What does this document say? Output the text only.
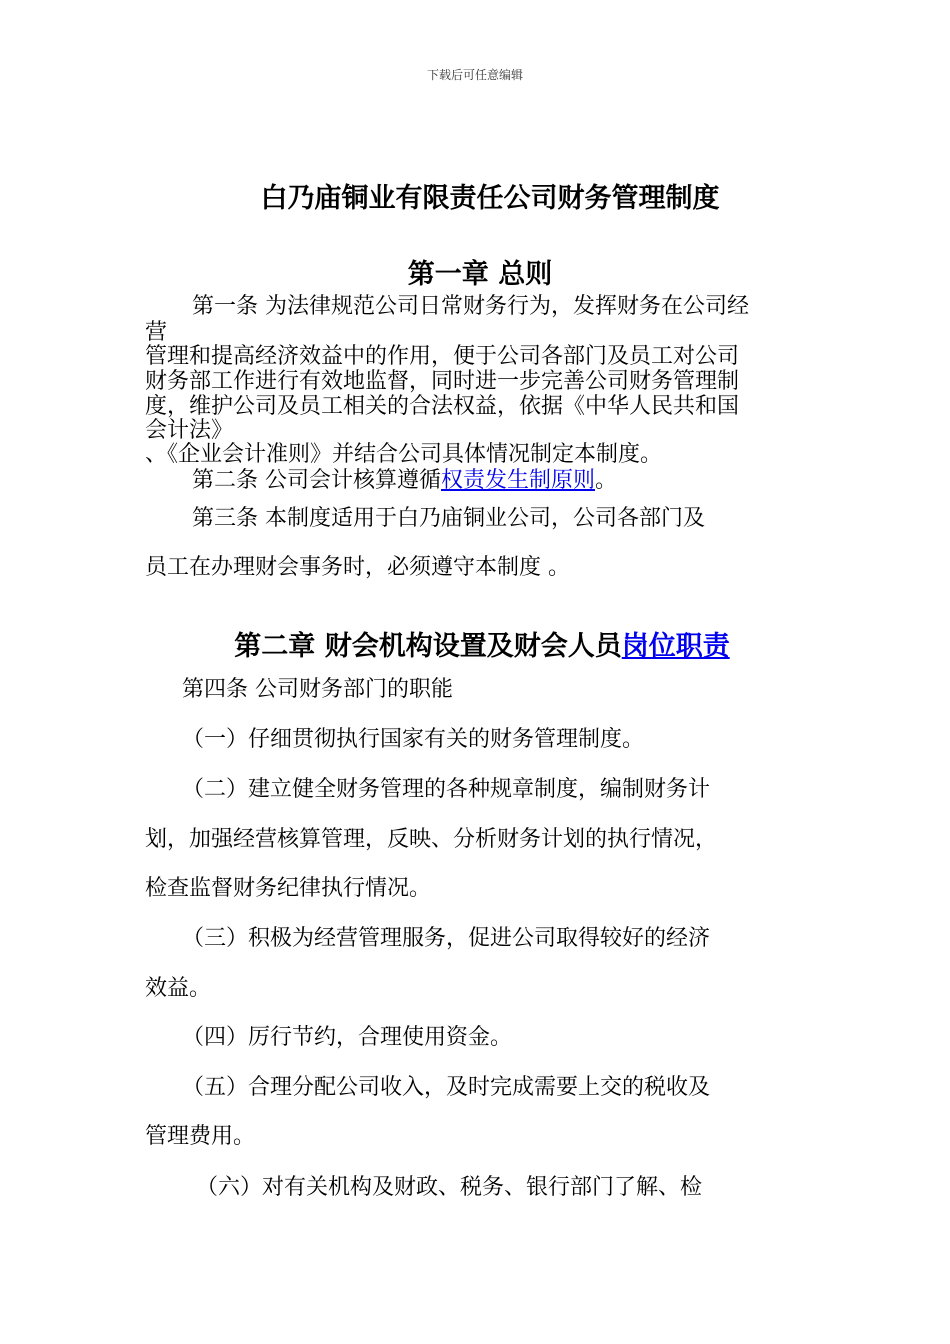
下载后可任意编辑
白乃庙铜业有限责任公司财务管理制度
第一章 总则
第一条 为法律规范公司日常财务行为，发挥财务在公司经
营
管理和提高经济效益中的作用，便于公司各部门及员工对公司
财务部工作进行有效地监督，同时进一步完善公司财务管理制
度，维护公司及员工相关的合法权益，依据《中华人民共和国
会计法》
、《企业会计准则》并结合公司具体情况制定本制度。
第二条 公司会计核算遵循权责发生制原则。
第三条 本制度适用于白乃庙铜业公司，公司各部门及
员工在办理财会事务时，必须遵守本制度 。
第二章 财会机构设置及财会人员岗位职责
第四条 公司财务部门的职能
（一）仔细贯彻执行国家有关的财务管理制度。
（二）建立健全财务管理的各种规章制度，编制财务计
划，加强经营核算管理，反映、分析财务计划的执行情况，
检查监督财务纪律执行情况。
（三）积极为经营管理服务，促进公司取得较好的经济
效益。
（四）厉行节约，合理使用资金。
（五）合理分配公司收入，及时完成需要上交的税收及
管理费用。
（六）对有关机构及财政、税务、银行部门了解、检
